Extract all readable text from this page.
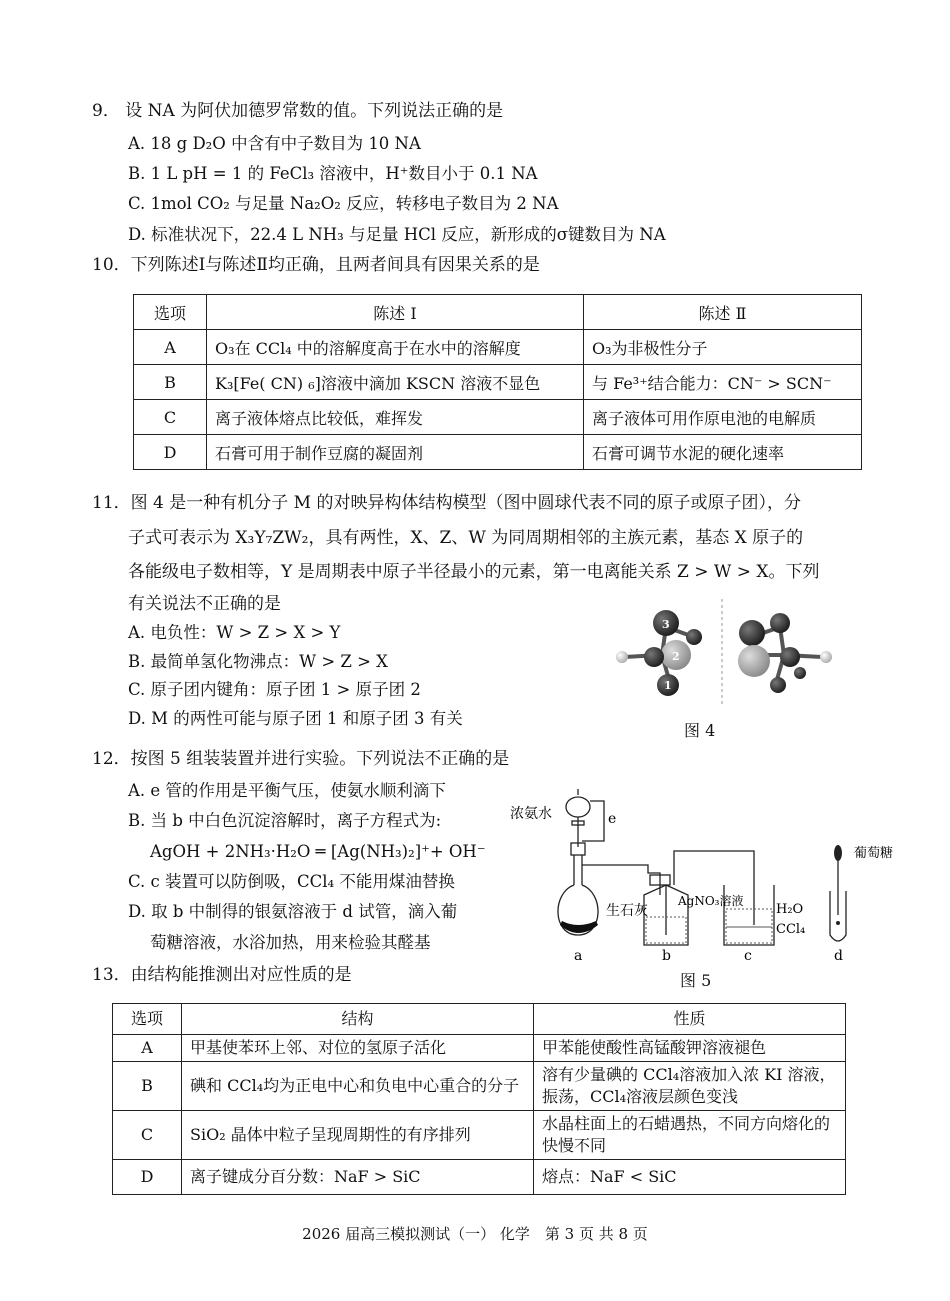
9． 设 NA 为阿伏加德罗常数的值。下列说法正确的是
A. 18 g D₂O 中含有中子数目为 10 NA
B. 1 L pH = 1 的 FeCl₃ 溶液中，H⁺数目小于 0.1 NA
C. 1mol CO₂ 与足量 Na₂O₂ 反应，转移电子数目为 2 NA
D. 标准状况下，22.4 L NH₃ 与足量 HCl 反应，新形成的σ键数目为 NA
10．下列陈述Ⅰ与陈述Ⅱ均正确，且两者间具有因果关系的是
选项	陈述 I	陈述 Ⅱ
A	O₃在 CCl₄ 中的溶解度高于在水中的溶解度	O₃为非极性分子
B	K₃[Fe( CN) ₆]溶液中滴加 KSCN 溶液不显色	与 Fe³⁺结合能力：CN⁻ > SCN⁻
C	离子液体熔点比较低，难挥发	离子液体可用作原电池的电解质
D	石膏可用于制作豆腐的凝固剂	石膏可调节水泥的硬化速率
11．图 4 是一种有机分子 M 的对映异构体结构模型（图中圆球代表不同的原子或原子团），分
子式可表示为 X₃Y₇ZW₂，具有两性，X、Z、W 为同周期相邻的主族元素，基态 X 原子的
各能级电子数相等，Y 是周期表中原子半径最小的元素，第一电离能关系 Z > W > X。下列
有关说法不正确的是
A. 电负性：W > Z > X > Y
B. 最简单氢化物沸点：W > Z > X
C. 原子团内键角：原子团 1 > 原子团 2
D. M 的两性可能与原子团 1 和原子团 3 有关
3
2
1
图 4
12．按图 5 组装装置并进行实验。下列说法不正确的是
A. e 管的作用是平衡气压，使氨水顺利滴下
B. 当 b 中白色沉淀溶解时，离子方程式为:
AgOH + 2NH₃·H₂O ═ [Ag(NH₃)₂]⁺+ OH⁻
C. c 装置可以防倒吸，CCl₄ 不能用煤油替换
D. 取 b 中制得的银氨溶液于 d 试管，滴入葡
萄糖溶液，水浴加热，用来检验其醛基
浓氨水	e
生石灰
a
AgNO₃溶液
b
H₂O
CCl₄
c
葡萄糖
d
图 5
13．由结构能推测出对应性质的是
选项	结构	性质
A	甲基使苯环上邻、对位的氢原子活化	甲苯能使酸性高锰酸钾溶液褪色
B	碘和 CCl₄均为正电中心和负电中心重合的分子	溶有少量碘的 CCl₄溶液加入浓 KI 溶液，振荡，CCl₄溶液层颜色变浅
C	SiO₂ 晶体中粒子呈现周期性的有序排列	水晶柱面上的石蜡遇热，不同方向熔化的快慢不同
D	离子键成分百分数：NaF > SiC	熔点：NaF < SiC
2026 届高三模拟测试（一） 化学　第 3 页 共 8 页
